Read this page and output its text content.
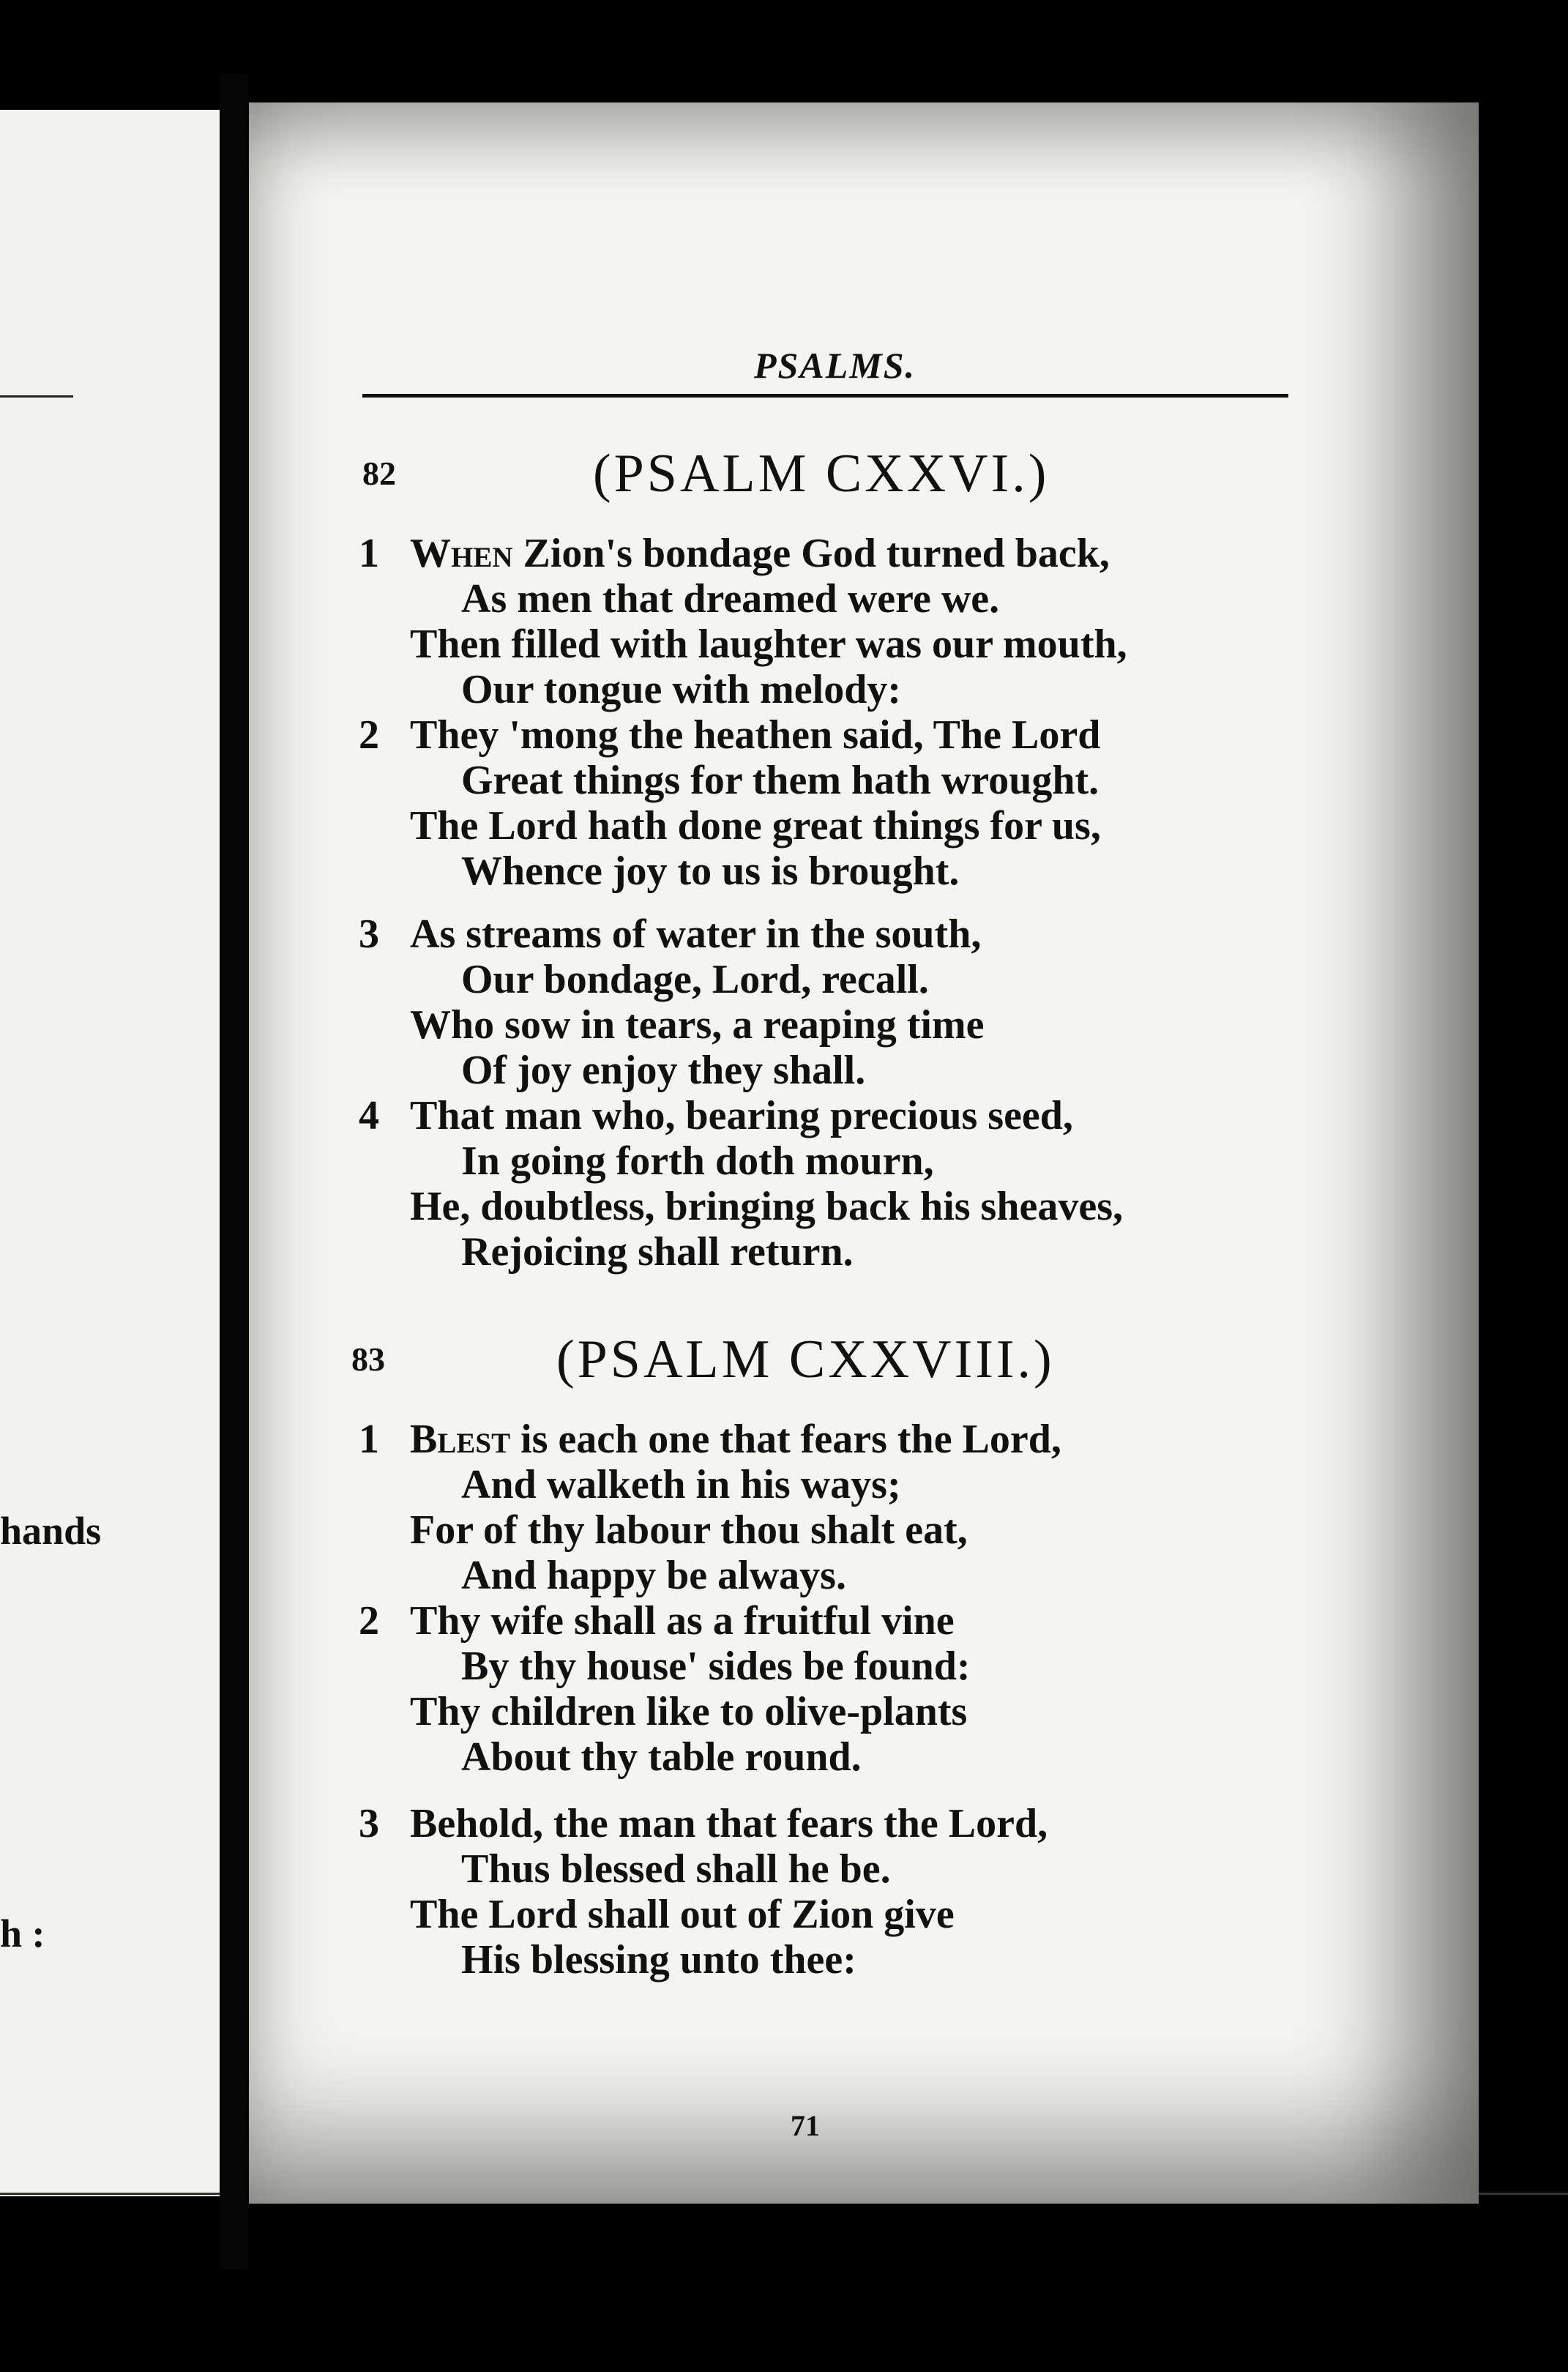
hands
h :
PSALMS.
82	(PSALM CXXVI.)
1 When Zion's bondage God turned back,
As men that dreamed were we.
Then filled with laughter was our mouth,
Our tongue with melody:
2 They 'mong the heathen said, The Lord
Great things for them hath wrought.
The Lord hath done great things for us,
Whence joy to us is brought.
3 As streams of water in the south,
Our bondage, Lord, recall.
Who sow in tears, a reaping time
Of joy enjoy they shall.
4 That man who, bearing precious seed,
In going forth doth mourn,
He, doubtless, bringing back his sheaves,
Rejoicing shall return.
83	(PSALM CXXVIII.)
1 Blest is each one that fears the Lord,
And walketh in his ways;
For of thy labour thou shalt eat,
And happy be always.
2 Thy wife shall as a fruitful vine
By thy house' sides be found:
Thy children like to olive-plants
About thy table round.
3 Behold, the man that fears the Lord,
Thus blessed shall he be.
The Lord shall out of Zion give
His blessing unto thee:
71
